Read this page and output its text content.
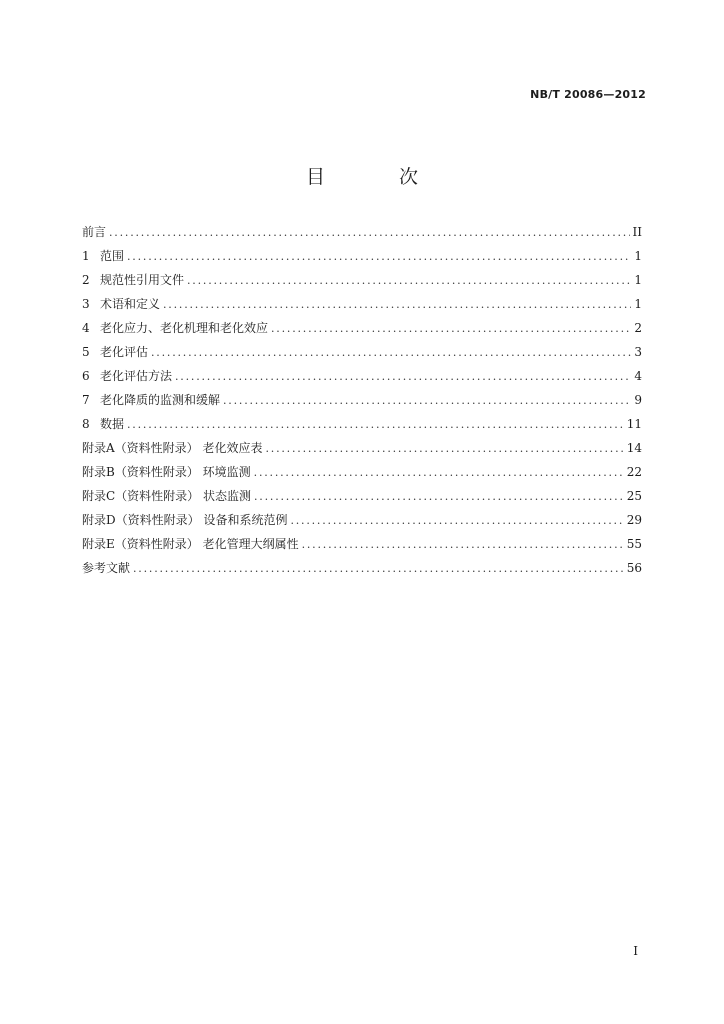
NB/T 20086—2012
目 次
前言 .....	II
1 范围 .....	1
2 规范性引用文件 .....	1
3 术语和定义 .....	1
4 老化应力、老化机理和老化效应 .....	2
5 老化评估 .....	3
6 老化评估方法 .....	4
7 老化降质的监测和缓解 .....	9
8 数据 .....	11
附录A（资料性附录） 老化效应表 .....	14
附录B（资料性附录） 环境监测 .....	22
附录C（资料性附录） 状态监测 .....	25
附录D（资料性附录） 设备和系统范例 .....	29
附录E（资料性附录） 老化管理大纲属性 .....	55
参考文献 .....	56
I
